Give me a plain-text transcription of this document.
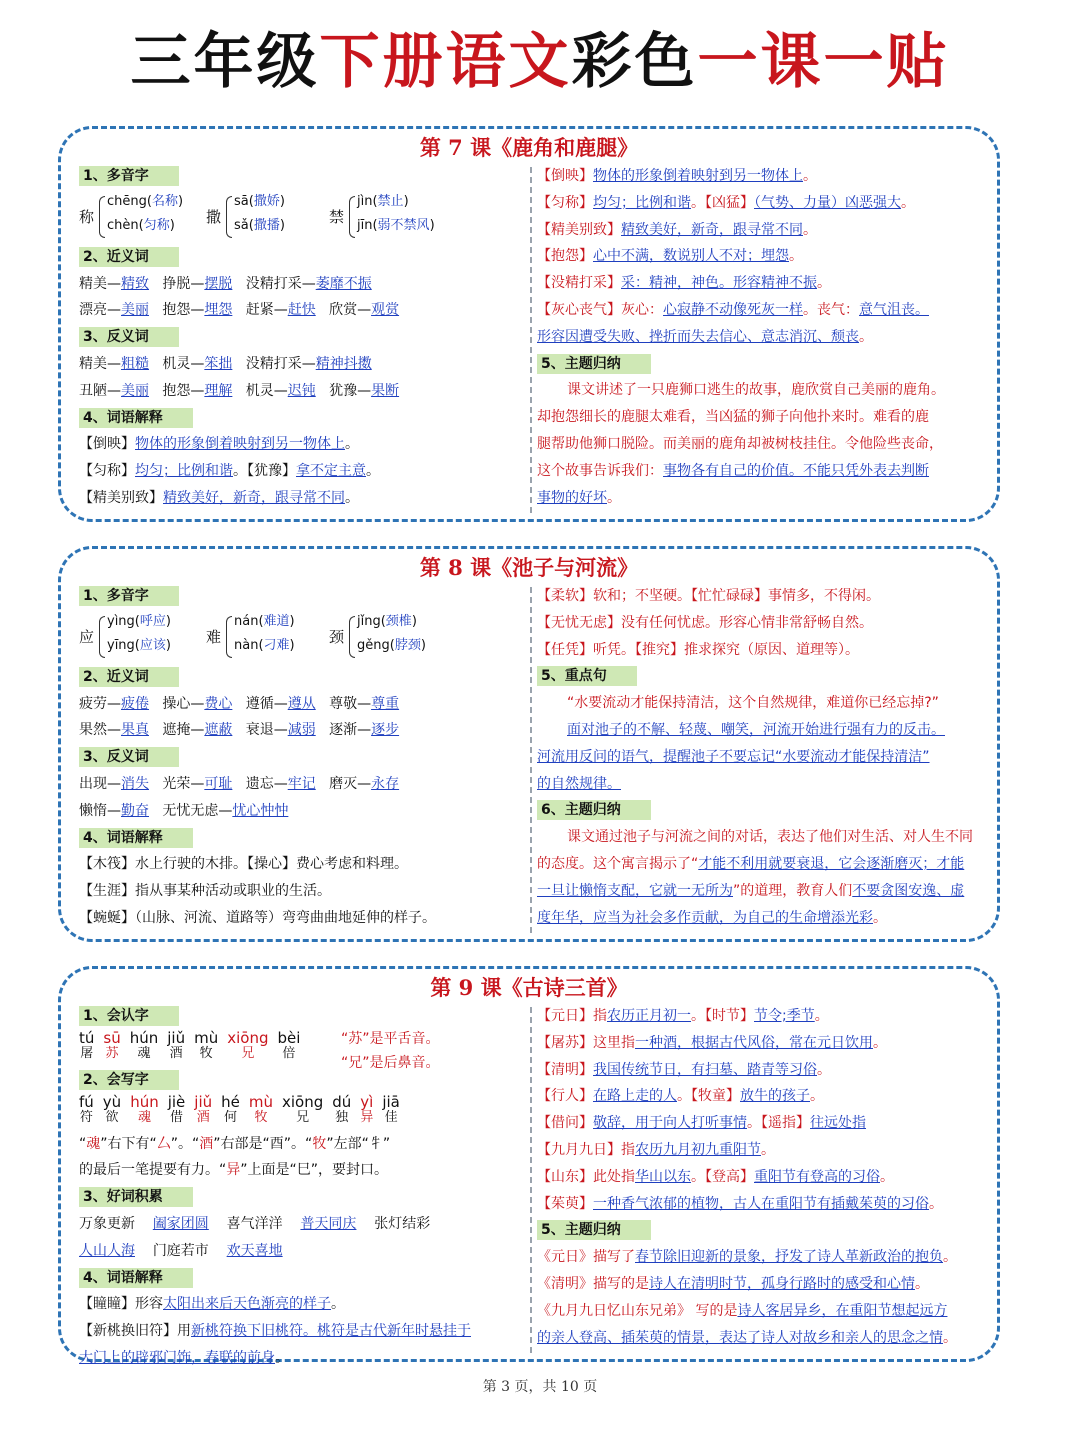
三年级下册语文彩色一课一贴
第 7 课《鹿角和鹿腿》
1、多音字
称
chēng(名称)
chèn(匀称) 撒
sā(撒娇)
sǎ(撒播)	禁
jìn(禁止)
jīn(弱不禁风)
2、近义词
精美—精致 挣脱—摆脱 没精打采—萎靡不振
漂亮—美丽 抱怨—埋怨 赶紧—赶快 欣赏—观赏
3、反义词
精美—粗糙 机灵—笨拙 没精打采—精神抖擞
丑陋—美丽 抱怨—理解 机灵—迟钝 犹豫—果断
4、词语解释
【倒映】物体的形象倒着映射到另一物体上。
【匀称】均匀；比例和谐。【犹豫】拿不定主意。
【精美别致】精致美好，新奇，跟寻常不同。
【倒映】物体的形象倒着映射到另一物体上。
【匀称】均匀；比例和谐。【凶猛】（气势、力量）凶恶强大。
【精美别致】精致美好，新奇，跟寻常不同。
【抱怨】心中不满，数说别人不对；埋怨。
【没精打采】采：精神，神色。形容精神不振。
【灰心丧气】灰心：心寂静不动像死灰一样。丧气：意气沮丧。
形容因遭受失败、挫折而失去信心、意志消沉、颓丧。
5、主题归纳
课文讲述了一只鹿狮口逃生的故事，鹿欣赏自己美丽的鹿角。
却抱怨细长的鹿腿太难看，当凶猛的狮子向他扑来时。难看的鹿
腿帮助他狮口脱险。而美丽的鹿角却被树枝挂住。令他险些丧命，
这个故事告诉我们：事物各有自己的价值。不能只凭外表去判断
事物的好坏。
第 8 课《池子与河流》
1、多音字
应
yìng(呼应)
yīng(应该) 难
nán(难道)
nàn(刁难) 颈
jǐng(颈椎)
gěng(脖颈)
2、近义词
疲劳—疲倦 操心—费心 遵循—遵从 尊敬—尊重
果然—果真 遮掩—遮蔽 衰退—减弱 逐渐—逐步
3、反义词
出现—消失 光荣—可耻 遗忘—牢记 磨灭—永存
懒惰—勤奋 无忧无虑—忧心忡忡
4、词语解释
【木筏】水上行驶的木排。【操心】费心考虑和料理。
【生涯】指从事某种活动或职业的生活。
【蜿蜒】（山脉、河流、道路等）弯弯曲曲地延伸的样子。
【柔软】软和；不坚硬。【忙忙碌碌】事情多，不得闲。
【无忧无虑】没有任何忧虑。形容心情非常舒畅自然。
【任凭】听凭。【推究】推求探究（原因、道理等）。
5、重点句
“水要流动才能保持清洁，这个自然规律，难道你已经忘掉?”
面对池子的不解、轻蔑、嘲笑，河流开始进行强有力的反击。
河流用反问的语气，提醒池子不要忘记“水要流动才能保持清洁”
的自然规律。
6、主题归纳
课文通过池子与河流之间的对话，表达了他们对生活、对人生不同
的态度。这个寓言揭示了“才能不利用就要衰退，它会逐渐磨灭；才能
一旦让懒惰支配，它就一无所为”的道理，教育人们不要贪图安逸、虚
度年华，应当为社会多作贡献，为自己的生命增添光彩。
第 9 课《古诗三首》
1、会认字
tú
屠
sū
苏
hún
魂
jiǔ
酒
mù
牧
xiōng
兄
bèi
倍
“苏”是平舌音。
“兄”是后鼻音。
2、会写字
fú
符
yù
欲
hún
魂
jiè
借
jiǔ
酒
hé
何
mù
牧
xiōng
兄
dú
独
yì
异
jiā
佳
“魂”右下有“厶”。“酒”右部是“酉”。“牧”左部“牜”
的最后一笔提要有力。“异”上面是“巳”，要封口。
3、好词积累
万象更新 阖家团圆 喜气洋洋 普天同庆 张灯结彩
人山人海 门庭若市 欢天喜地
4、词语解释
【瞳瞳】形容太阳出来后天色渐亮的样子。
【新桃换旧符】用新桃符换下旧桃符。桃符是古代新年时悬挂于
大门上的辟邪门饰，春联的前身。
【元日】指农历正月初一。【时节】节令;季节。
【屠苏】这里指一种酒，根据古代风俗，常在元日饮用。
【清明】我国传统节日，有扫墓、踏青等习俗。
【行人】在路上走的人。【牧童】放牛的孩子。
【借问】敬辞，用于向人打听事情。【遥指】往远处指
【九月九日】指农历九月初九重阳节。
【山东】此处指华山以东。【登高】重阳节有登高的习俗。
【茱萸】一种香气浓郁的植物，古人在重阳节有插戴茱萸的习俗。
5、主题归纳
《元日》描写了春节除旧迎新的景象，抒发了诗人革新政治的抱负。
《清明》描写的是诗人在清明时节，孤身行路时的感受和心情。
《九月九日忆山东兄弟》 写的是诗人客居异乡，在重阳节想起远方
的亲人登高、插茱萸的情景，表达了诗人对故乡和亲人的思念之情。
第 3 页，共 10 页
